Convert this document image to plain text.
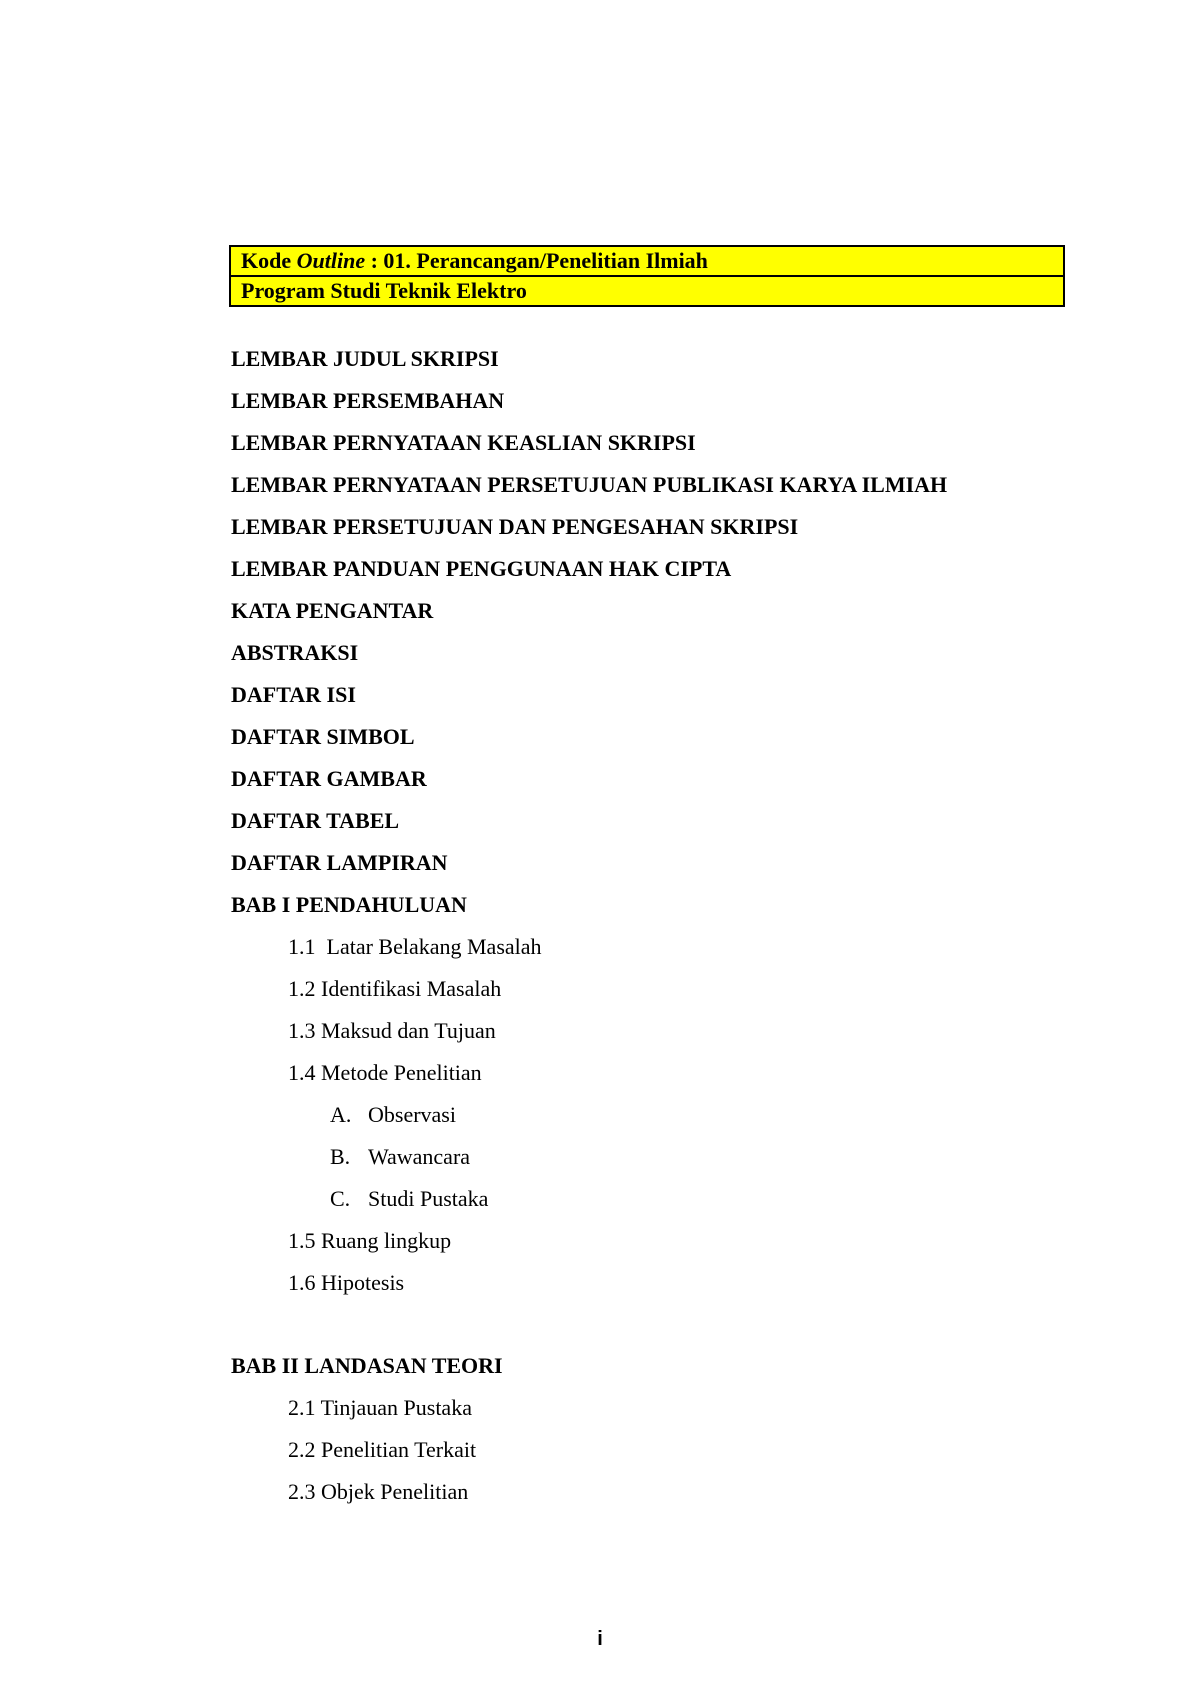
Kode Outline : 01. Perancangan/Penelitian Ilmiah
Program Studi Teknik Elektro
LEMBAR JUDUL SKRIPSI
LEMBAR PERSEMBAHAN
LEMBAR PERNYATAAN KEASLIAN SKRIPSI
LEMBAR PERNYATAAN PERSETUJUAN PUBLIKASI KARYA ILMIAH
LEMBAR PERSETUJUAN DAN PENGESAHAN SKRIPSI
LEMBAR PANDUAN PENGGUNAAN HAK CIPTA
KATA PENGANTAR
ABSTRAKSI
DAFTAR ISI
DAFTAR SIMBOL
DAFTAR GAMBAR
DAFTAR TABEL
DAFTAR LAMPIRAN
BAB I PENDAHULUAN
1.1  Latar Belakang Masalah
1.2 Identifikasi Masalah
1.3 Maksud dan Tujuan
1.4 Metode Penelitian
A. Observasi
B. Wawancara
C. Studi Pustaka
1.5 Ruang lingkup
1.6 Hipotesis
BAB II LANDASAN TEORI
2.1 Tinjauan Pustaka
2.2 Penelitian Terkait
2.3 Objek Penelitian
i
